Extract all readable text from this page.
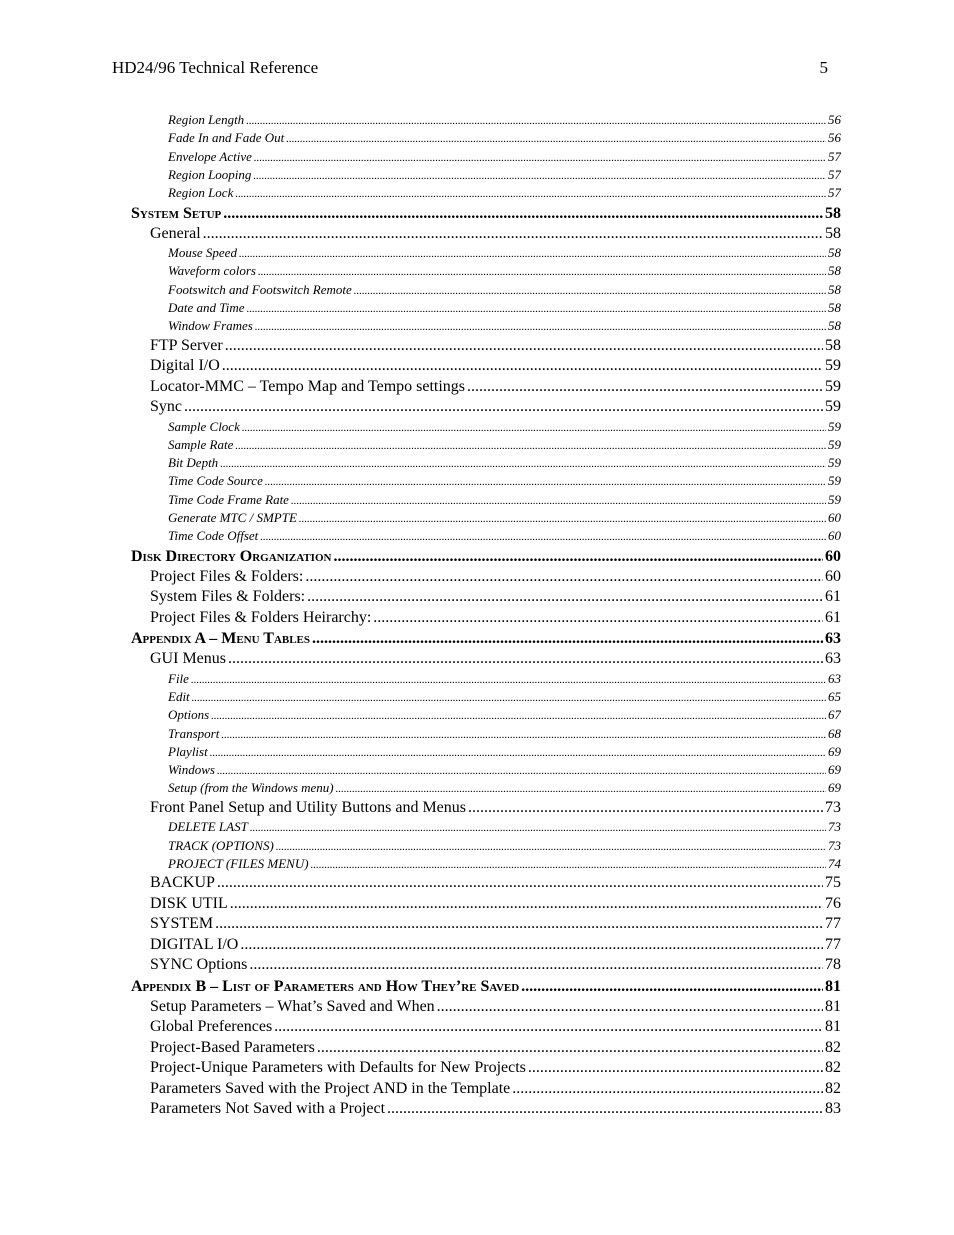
HD24/96 Technical Reference	5
Region Length .....	56
Fade In and Fade Out .....	56
Envelope Active .....	57
Region Looping .....	57
Region Lock .....	57
System Setup .....	58
General .....	58
Mouse Speed .....	58
Waveform colors .....	58
Footswitch and Footswitch Remote .....	58
Date and Time .....	58
Window Frames .....	58
FTP Server .....	58
Digital I/O .....	59
Locator-MMC – Tempo Map and Tempo settings .....	59
Sync .....	59
Sample Clock .....	59
Sample Rate .....	59
Bit Depth .....	59
Time Code Source .....	59
Time Code Frame Rate .....	59
Generate MTC / SMPTE .....	60
Time Code Offset .....	60
Disk Directory Organization .....	60
Project Files & Folders: .....	60
System Files & Folders: .....	61
Project Files & Folders Heirarchy: .....	61
Appendix A – Menu Tables .....	63
GUI Menus .....	63
File .....	63
Edit .....	65
Options .....	67
Transport .....	68
Playlist .....	69
Windows .....	69
Setup (from the Windows menu) .....	69
Front Panel Setup and Utility Buttons and Menus .....	73
DELETE LAST .....	73
TRACK (OPTIONS) .....	73
PROJECT (FILES MENU) .....	74
BACKUP .....	75
DISK UTIL .....	76
SYSTEM .....	77
DIGITAL I/O .....	77
SYNC Options .....	78
Appendix B – List of Parameters and How They’re Saved .....	81
Setup Parameters – What’s Saved and When .....	81
Global Preferences .....	81
Project-Based Parameters .....	82
Project-Unique Parameters with Defaults for New Projects .....	82
Parameters Saved with the Project AND in the Template .....	82
Parameters Not Saved with a Project .....	83
